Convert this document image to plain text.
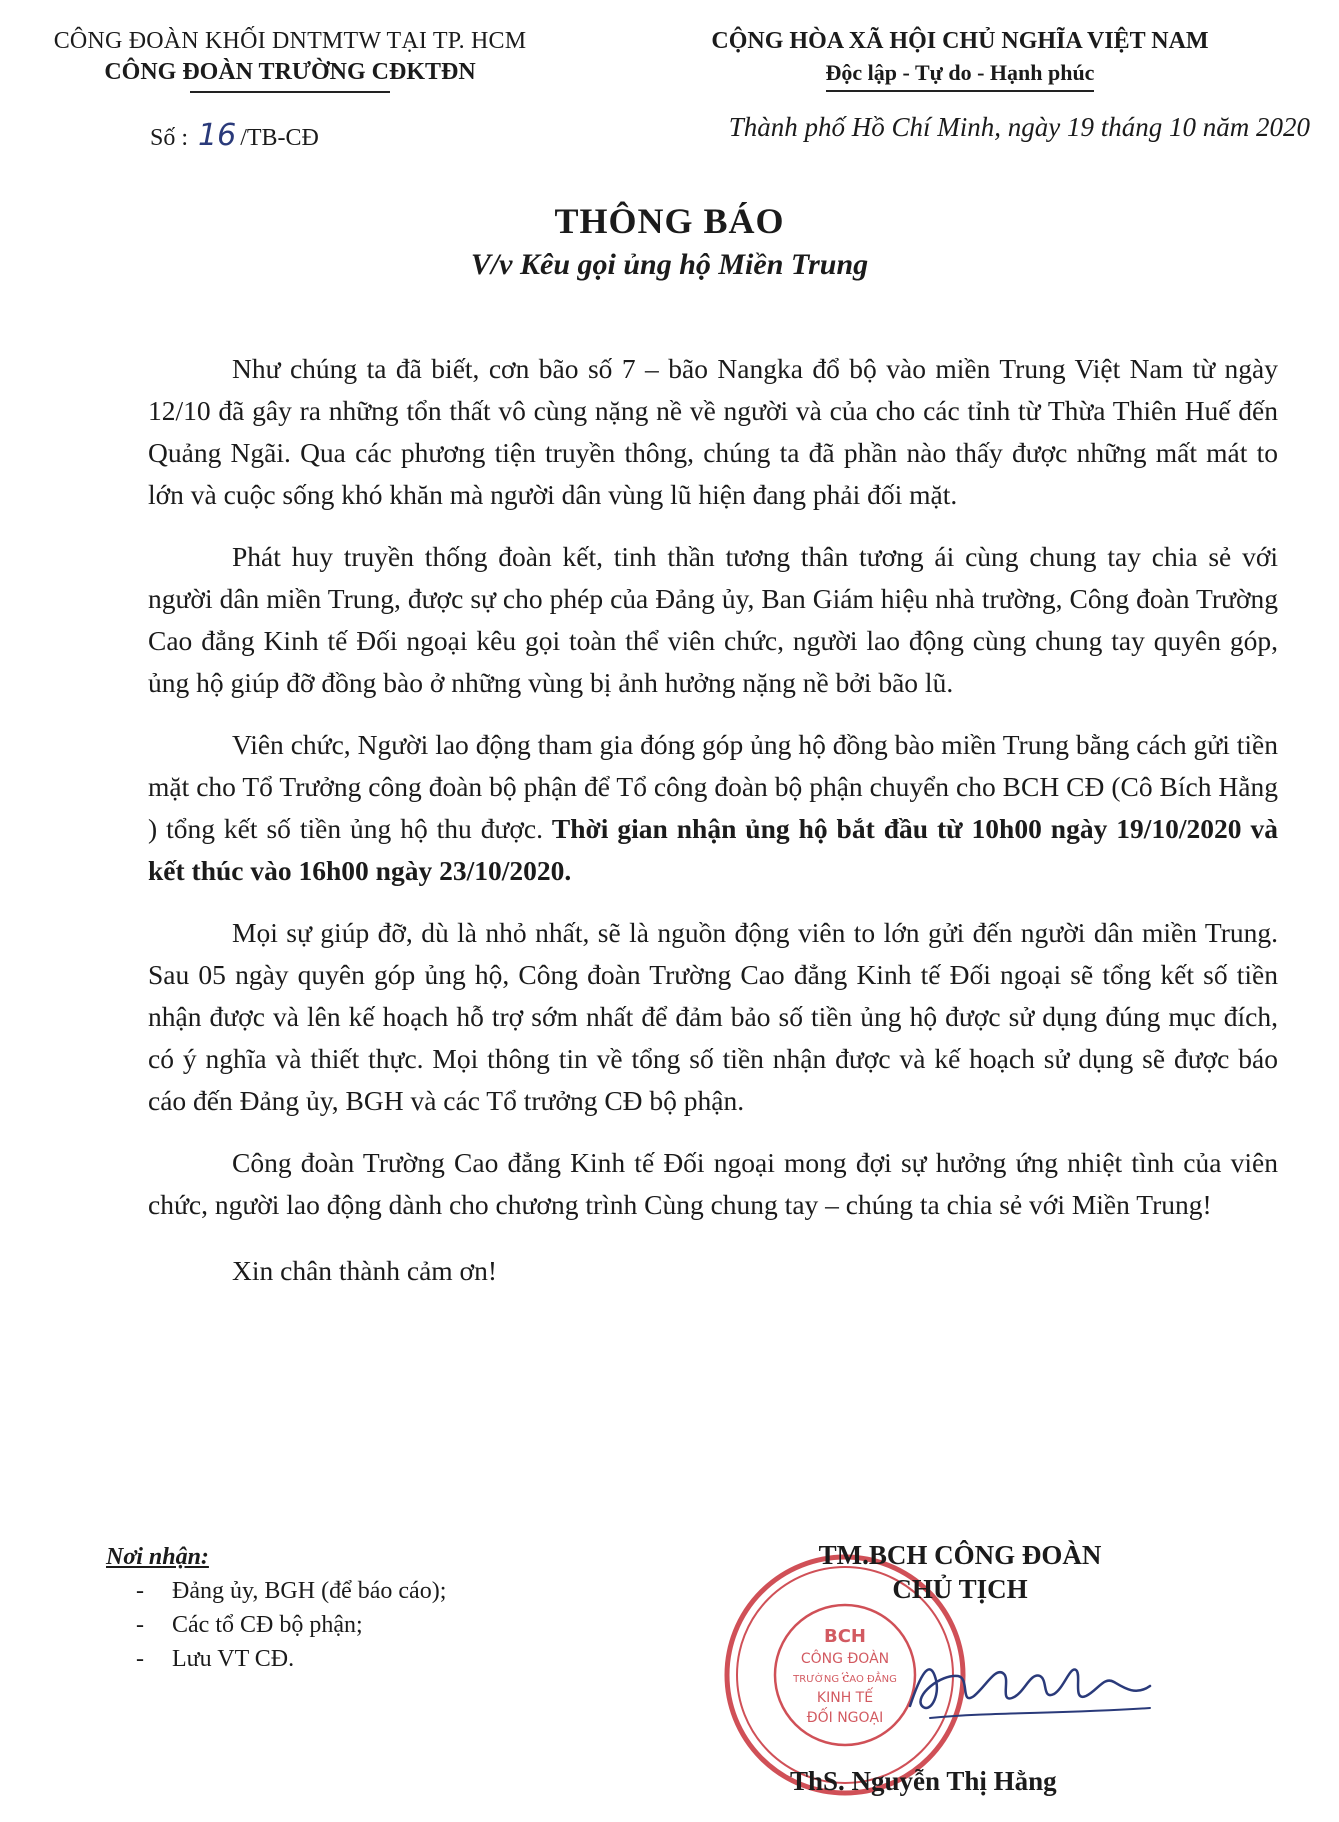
CÔNG ĐOÀN KHỐI DNTMTW TẠI TP. HCM
CÔNG ĐOÀN TRƯỜNG CĐKTĐN
CỘNG HÒA XÃ HỘI CHỦ NGHĨA VIỆT NAM
Độc lập - Tự do - Hạnh phúc
Số : 16 /TB-CĐ	Thành phố Hồ Chí Minh, ngày 19 tháng 10 năm 2020
THÔNG BÁO
V/v Kêu gọi ủng hộ Miền Trung

Như chúng ta đã biết, cơn bão số 7 – bão Nangka đổ bộ vào miền Trung Việt Nam từ ngày 12/10 đã gây ra những tổn thất vô cùng nặng nề về người và của cho các tỉnh từ Thừa Thiên Huế đến Quảng Ngãi. Qua các phương tiện truyền thông, chúng ta đã phần nào thấy được những mất mát to lớn và cuộc sống khó khăn mà người dân vùng lũ hiện đang phải đối mặt.

Phát huy truyền thống đoàn kết, tinh thần tương thân tương ái cùng chung tay chia sẻ với người dân miền Trung, được sự cho phép của Đảng ủy, Ban Giám hiệu nhà trường, Công đoàn Trường Cao đẳng Kinh tế Đối ngoại kêu gọi toàn thể viên chức, người lao động cùng chung tay quyên góp, ủng hộ giúp đỡ đồng bào ở những vùng bị ảnh hưởng nặng nề bởi bão lũ.

Viên chức, Người lao động tham gia đóng góp ủng hộ đồng bào miền Trung bằng cách gửi tiền mặt cho Tổ Trưởng công đoàn bộ phận để Tổ công đoàn bộ phận chuyển cho BCH CĐ (Cô Bích Hằng ) tổng kết số tiền ủng hộ thu được. Thời gian nhận ủng hộ bắt đầu từ 10h00 ngày 19/10/2020 và kết thúc vào 16h00 ngày 23/10/2020.

Mọi sự giúp đỡ, dù là nhỏ nhất, sẽ là nguồn động viên to lớn gửi đến người dân miền Trung. Sau 05 ngày quyên góp ủng hộ, Công đoàn Trường Cao đẳng Kinh tế Đối ngoại sẽ tổng kết số tiền nhận được và lên kế hoạch hỗ trợ sớm nhất để đảm bảo số tiền ủng hộ được sử dụng đúng mục đích, có ý nghĩa và thiết thực. Mọi thông tin về tổng số tiền nhận được và kế hoạch sử dụng sẽ được báo cáo đến Đảng ủy, BGH và các Tổ trưởng CĐ bộ phận.

Công đoàn Trường Cao đẳng Kinh tế Đối ngoại mong đợi sự hưởng ứng nhiệt tình của viên chức, người lao động dành cho chương trình Cùng chung tay – chúng ta chia sẻ với Miền Trung!

Xin chân thành cảm ơn!

Nơi nhận:
- Đảng ủy, BGH (để báo cáo);
- Các tổ CĐ bộ phận;
- Lưu VT CĐ.
BCH
CÔNG ĐOÀN
TRƯỜNG CAO ĐẲNG
KINH TẾ
ĐỐI NGOẠI
TM.BCH CÔNG ĐOÀN
CHỦ TỊCH
ThS. Nguyễn Thị Hằng
